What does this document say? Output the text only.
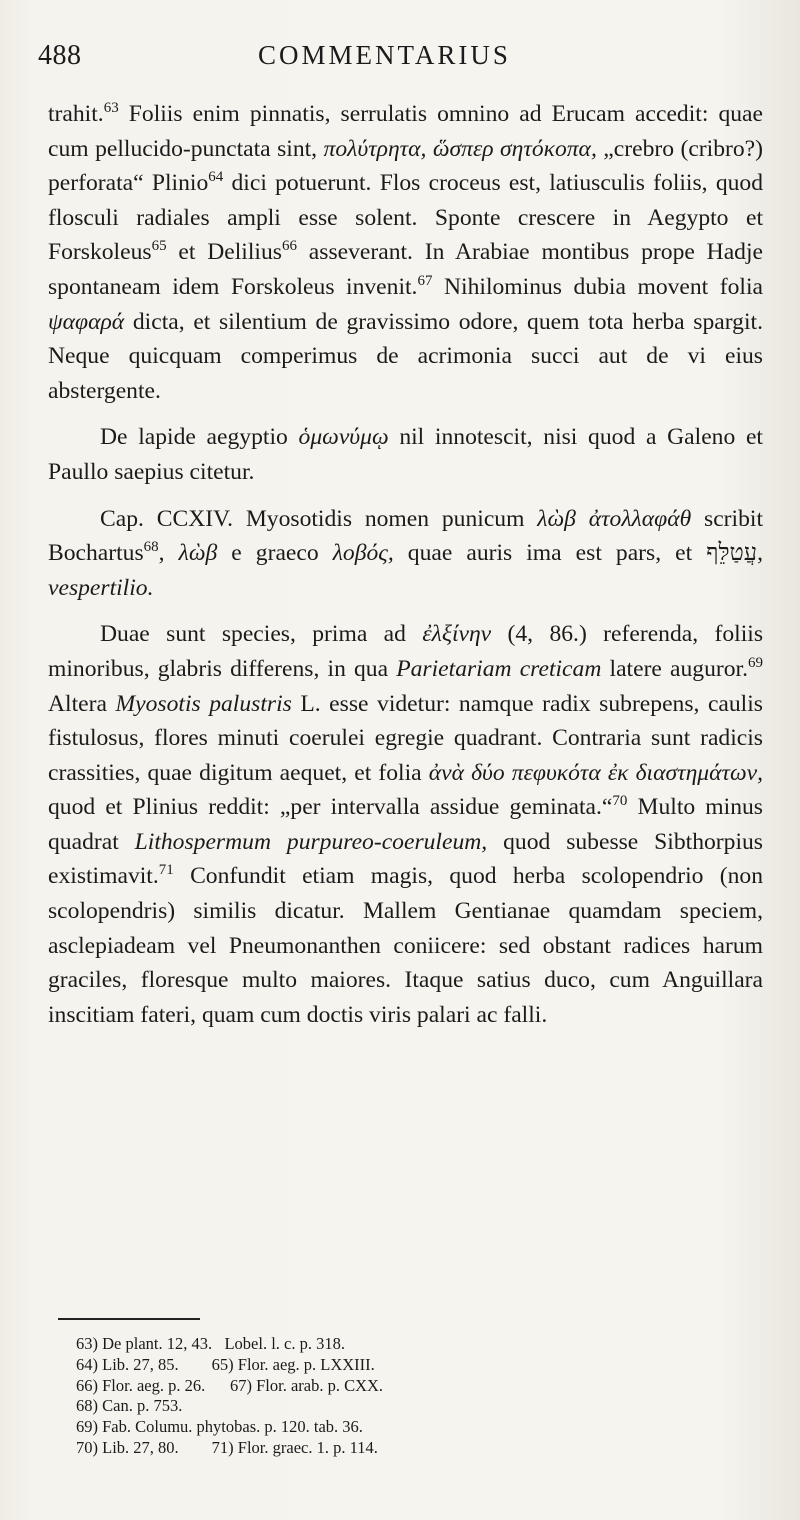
488	COMMENTARIUS

trahit.$^{63}$ Foliis enim pinnatis, serrulatis omnino ad Erucam accedit: quae cum pellucido-punctata sint, πολύτρητα, ὥσπερ σητόκοπα, „crebro (cribro?) perforata“ Plinio$^{64}$ dici potuerunt. Flos croceus est, latiusculis foliis, quod flosculi radiales ampli esse solent. Sponte crescere in Aegypto et Forskoleus$^{65}$ et Delilius$^{66}$ asseverant. In Arabiae montibus prope Hadje spontaneam idem Forskoleus invenit.$^{67}$ Nihilominus dubia movent folia ψαφαρά dicta, et silentium de gravissimo odore, quem tota herba spargit. Neque quicquam comperimus de acrimonia succi aut de vi eius abstergente.

De lapide aegyptio ὁμωνύμῳ nil innotescit, nisi quod a Galeno et Paullo saepius citetur.

Cap. CCXIV. Myosotidis nomen punicum λὼβ ἀτολλαφάθ scribit Bochartus$^{68}$, λὼβ e graeco λοβός, quae auris ima est pars, et עֲטַלֵּף, vespertilio.

Duae sunt species, prima ad ἐλξίνην (4, 86.) referenda, foliis minoribus, glabris differens, in qua Parietariam creticam latere auguror.$^{69}$ Altera Myosotis palustris L. esse videtur: namque radix subrepens, caulis fistulosus, flores minuti coerulei egregie quadrant. Contraria sunt radicis crassities, quae digitum aequet, et folia ἀνὰ δύο πεφυκότα ἐκ διαστημάτων, quod et Plinius reddit: „per intervalla assidue geminata.“$^{70}$ Multo minus quadrat Lithospermum purpureo-coeruleum, quod subesse Sibthorpius existimavit.$^{71}$ Confundit etiam magis, quod herba scolopendrio (non scolopendris) similis dicatur. Mallem Gentianae quamdam speciem, asclepiadeam vel Pneumonanthen coniicere: sed obstant radices harum graciles, floresque multo maiores. Itaque satius duco, cum Anguillara inscitiam fateri, quam cum doctis viris palari ac falli.

63) De plant. 12, 43.   Lobel. l. c. p. 318.
64) Lib. 27, 85.        65) Flor. aeg. p. LXXIII.
66) Flor. aeg. p. 26.      67) Flor. arab. p. CXX.
68) Can. p. 753.
69) Fab. Columu. phytobas. p. 120. tab. 36.
70) Lib. 27, 80.        71) Flor. graec. 1. p. 114.
